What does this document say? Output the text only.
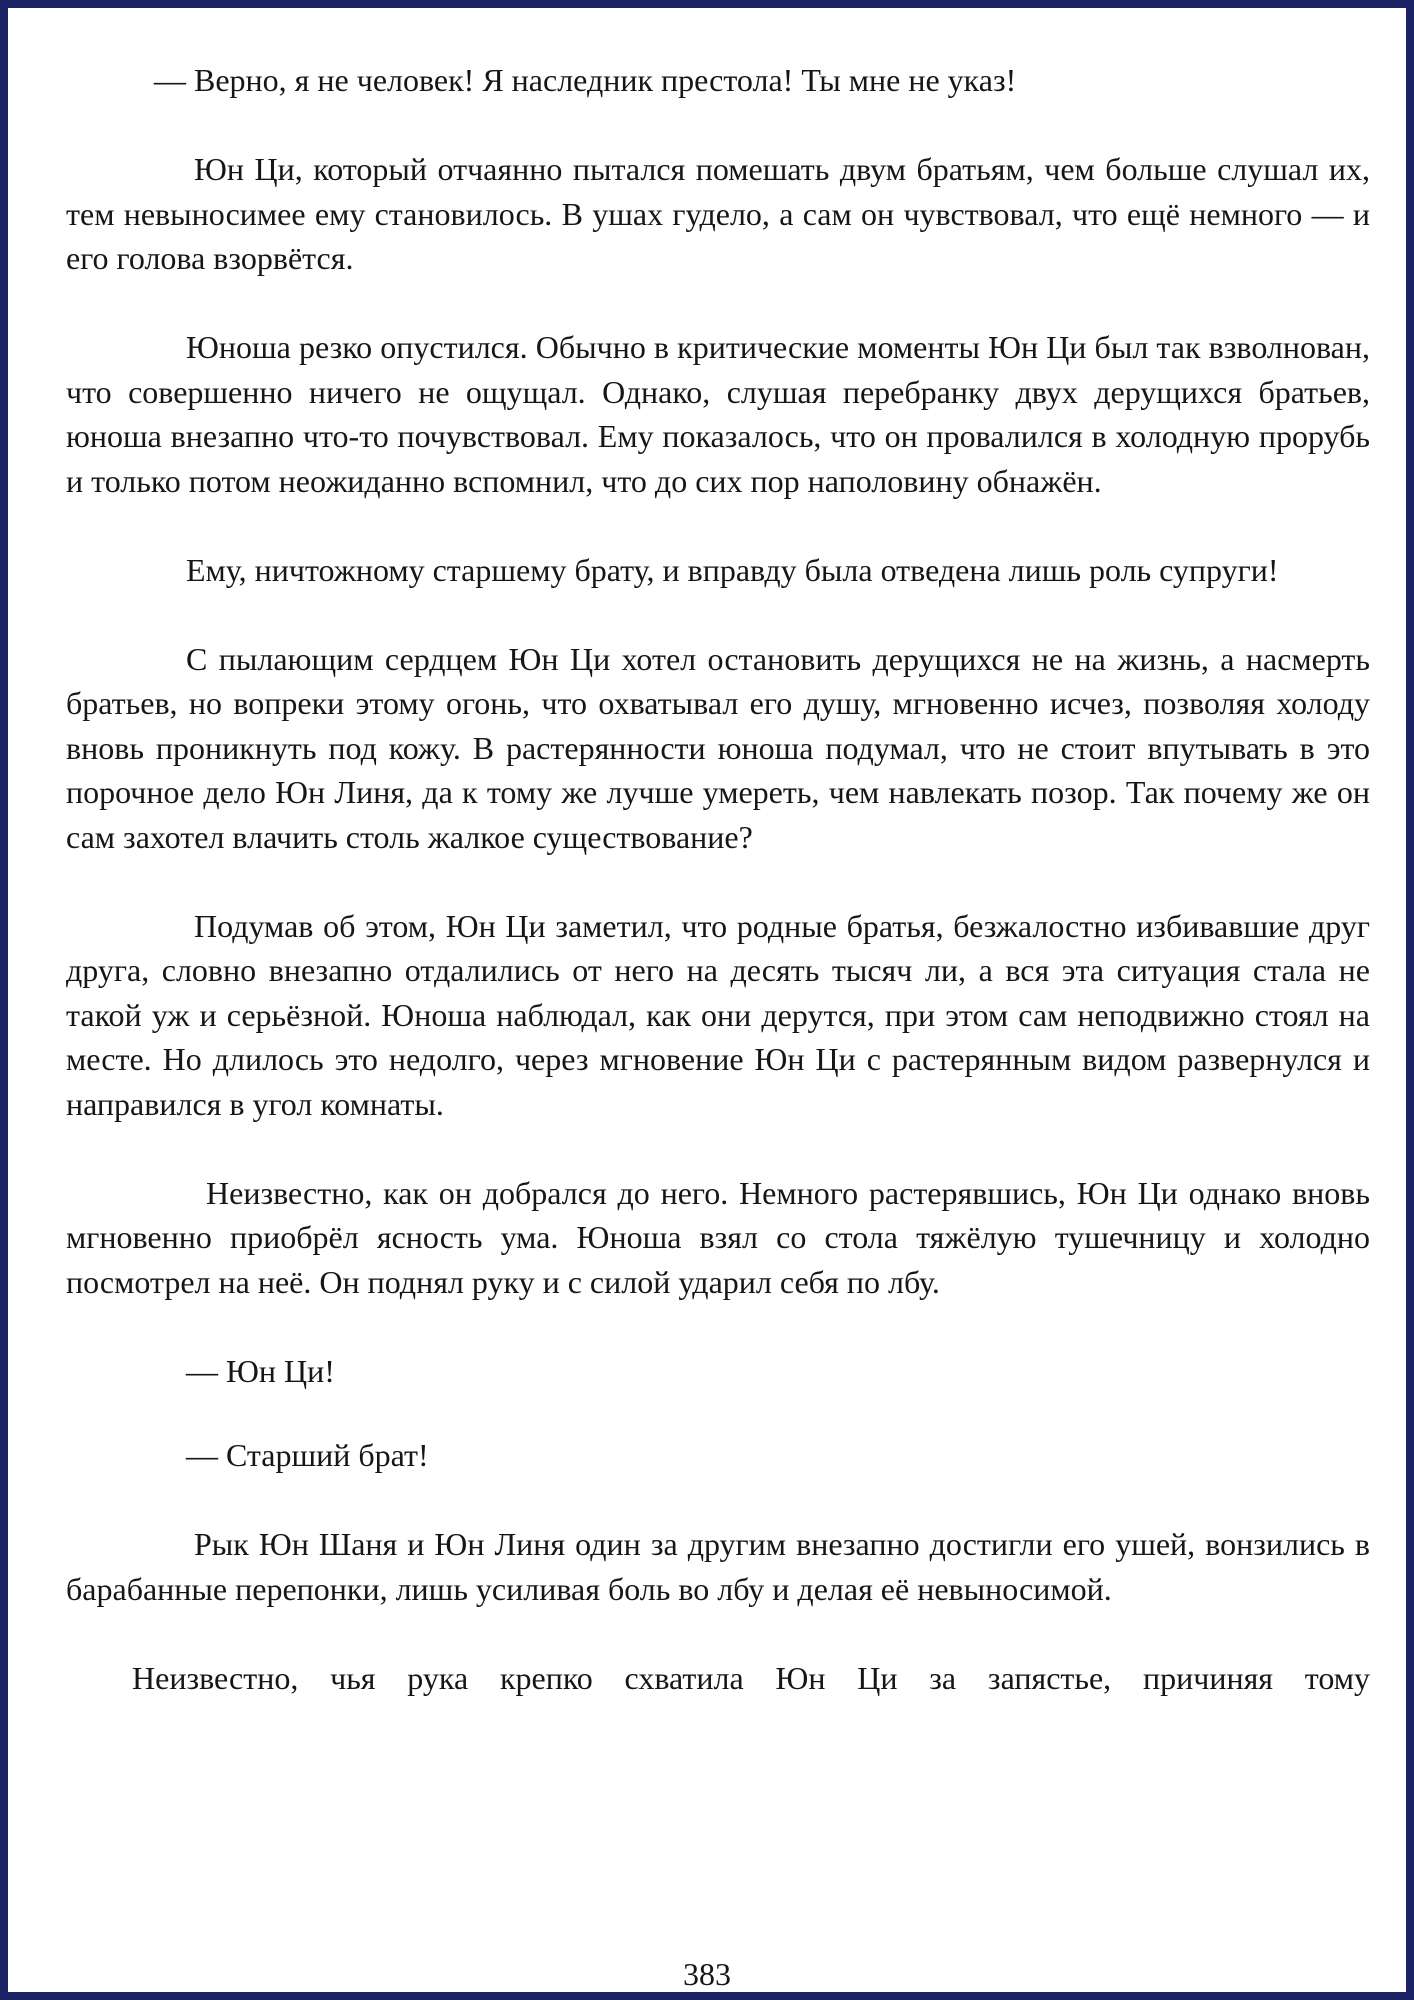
— Верно, я не человек! Я наследник престола! Ты мне не указ!

Юн Ци, который отчаянно пытался помешать двум братьям, чем больше слушал их, тем невыносимее ему становилось. В ушах гудело, а сам он чувствовал, что ещё немного — и его голова взорвётся.

Юноша резко опустился. Обычно в критические моменты Юн Ци был так взволнован, что совершенно ничего не ощущал. Однако, слушая перебранку двух дерущихся братьев, юноша внезапно что-то почувствовал. Ему показалось, что он провалился в холодную прорубь и только потом неожиданно вспомнил, что до сих пор наполовину обнажён.

Ему, ничтожному старшему брату, и вправду была отведена лишь роль супруги!

С пылающим сердцем Юн Ци хотел остановить дерущихся не на жизнь, а насмерть братьев, но вопреки этому огонь, что охватывал его душу, мгновенно исчез, позволяя холоду вновь проникнуть под кожу. В растерянности юноша подумал, что не стоит впутывать в это порочное дело Юн Линя, да к тому же лучше умереть, чем навлекать позор. Так почему же он сам захотел влачить столь жалкое существование?

Подумав об этом, Юн Ци заметил, что родные братья, безжалостно избивавшие друг друга, словно внезапно отдалились от него на десять тысяч ли, а вся эта ситуация стала не такой уж и серьёзной. Юноша наблюдал, как они дерутся, при этом сам неподвижно стоял на месте. Но длилось это недолго, через мгновение Юн Ци с растерянным видом развернулся и направился в угол комнаты.

Неизвестно, как он добрался до него. Немного растерявшись, Юн Ци однако вновь мгновенно приобрёл ясность ума. Юноша взял со стола тяжёлую тушечницу и холодно посмотрел на неё. Он поднял руку и с силой ударил себя по лбу.

— Юн Ци!

— Старший брат!

Рык Юн Шаня и Юн Линя один за другим внезапно достигли его ушей, вонзились в барабанные перепонки, лишь усиливая боль во лбу и делая её невыносимой.

Неизвестно, чья рука крепко схватила Юн Ци за запястье, причиняя тому

383
